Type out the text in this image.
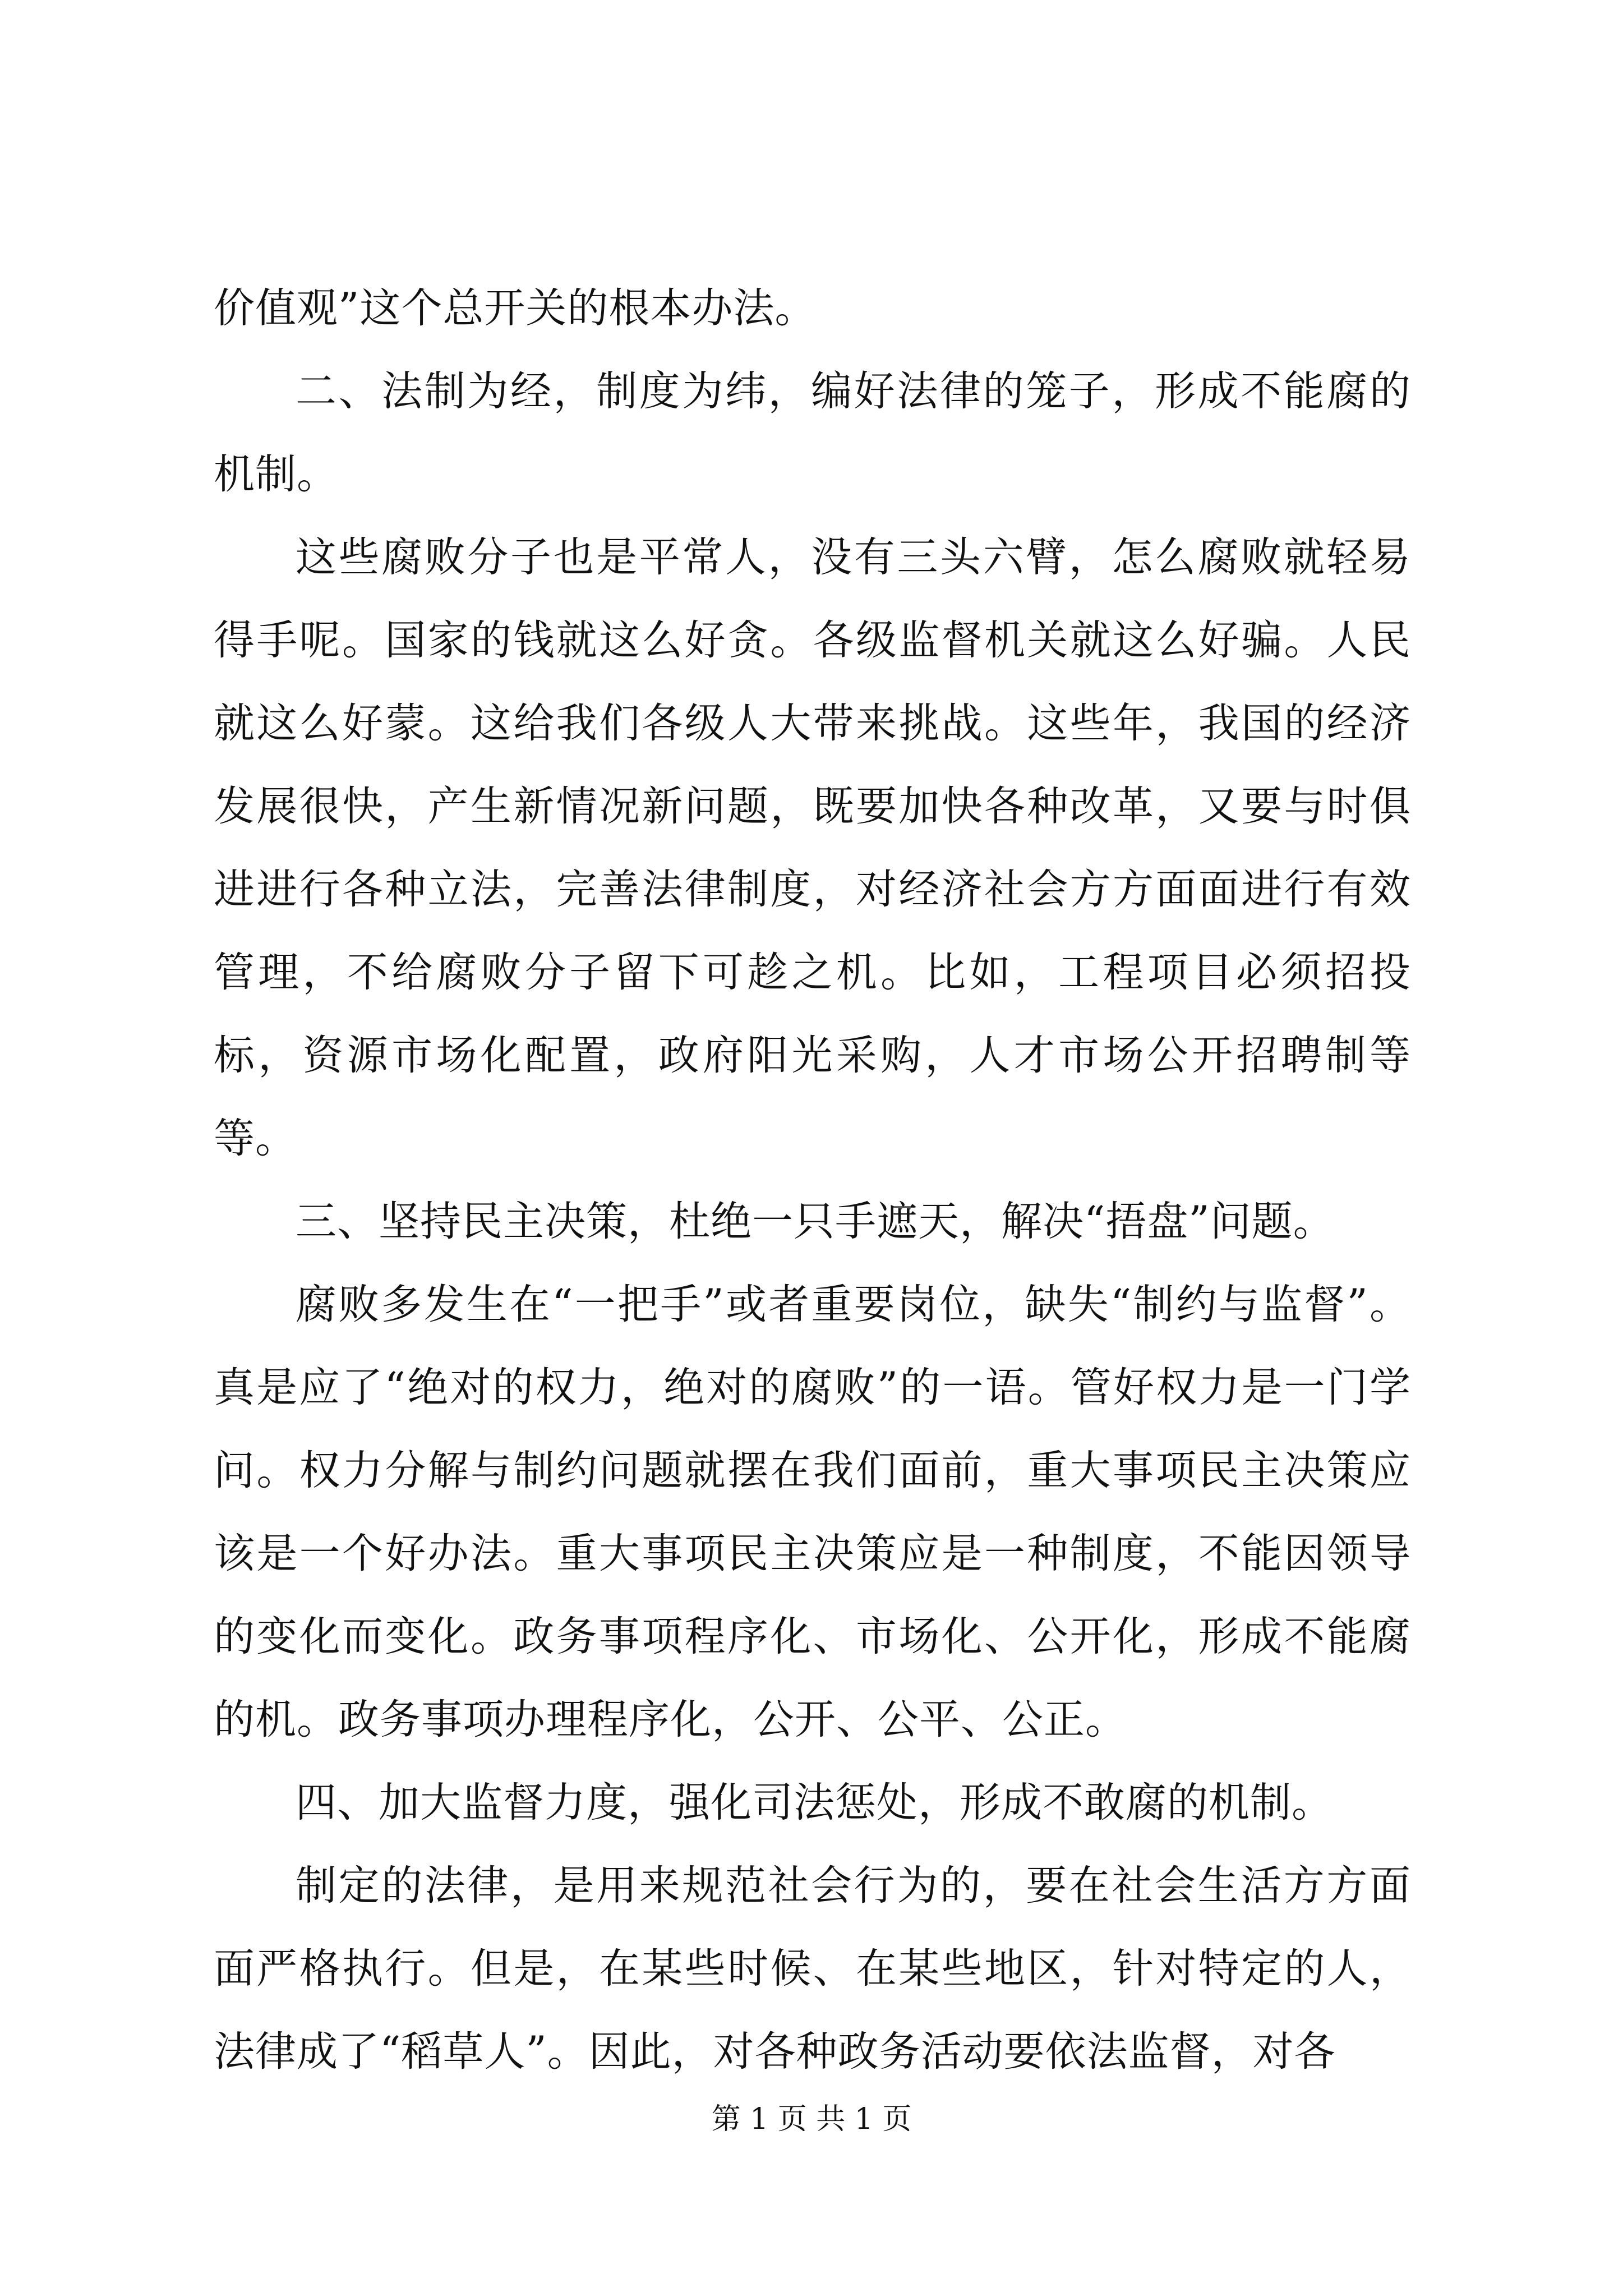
价值观”这个总开关的根本办法。

二、法制为经，制度为纬，编好法律的笼子，形成不能腐的机制。

这些腐败分子也是平常人，没有三头六臂，怎么腐败就轻易得手呢。国家的钱就这么好贪。各级监督机关就这么好骗。人民就这么好蒙。这给我们各级人大带来挑战。这些年，我国的经济发展很快，产生新情况新问题，既要加快各种改革，又要与时俱进进行各种立法，完善法律制度，对经济社会方方面面进行有效管理，不给腐败分子留下可趁之机。比如，工程项目必须招投标，资源市场化配置，政府阳光采购，人才市场公开招聘制等等。

三、坚持民主决策，杜绝一只手遮天，解决“捂盘”问题。

腐败多发生在“一把手”或者重要岗位，缺失“制约与监督”。真是应了“绝对的权力，绝对的腐败”的一语。管好权力是一门学问。权力分解与制约问题就摆在我们面前，重大事项民主决策应该是一个好办法。重大事项民主决策应是一种制度，不能因领导的变化而变化。政务事项程序化、市场化、公开化，形成不能腐的机。政务事项办理程序化，公开、公平、公正。

四、加大监督力度，强化司法惩处，形成不敢腐的机制。

制定的法律，是用来规范社会行为的，要在社会生活方方面面严格执行。但是，在某些时候、在某些地区，针对特定的人，法律成了“稻草人”。因此，对各种政务活动要依法监督，对各

第 1 页 共 1 页
